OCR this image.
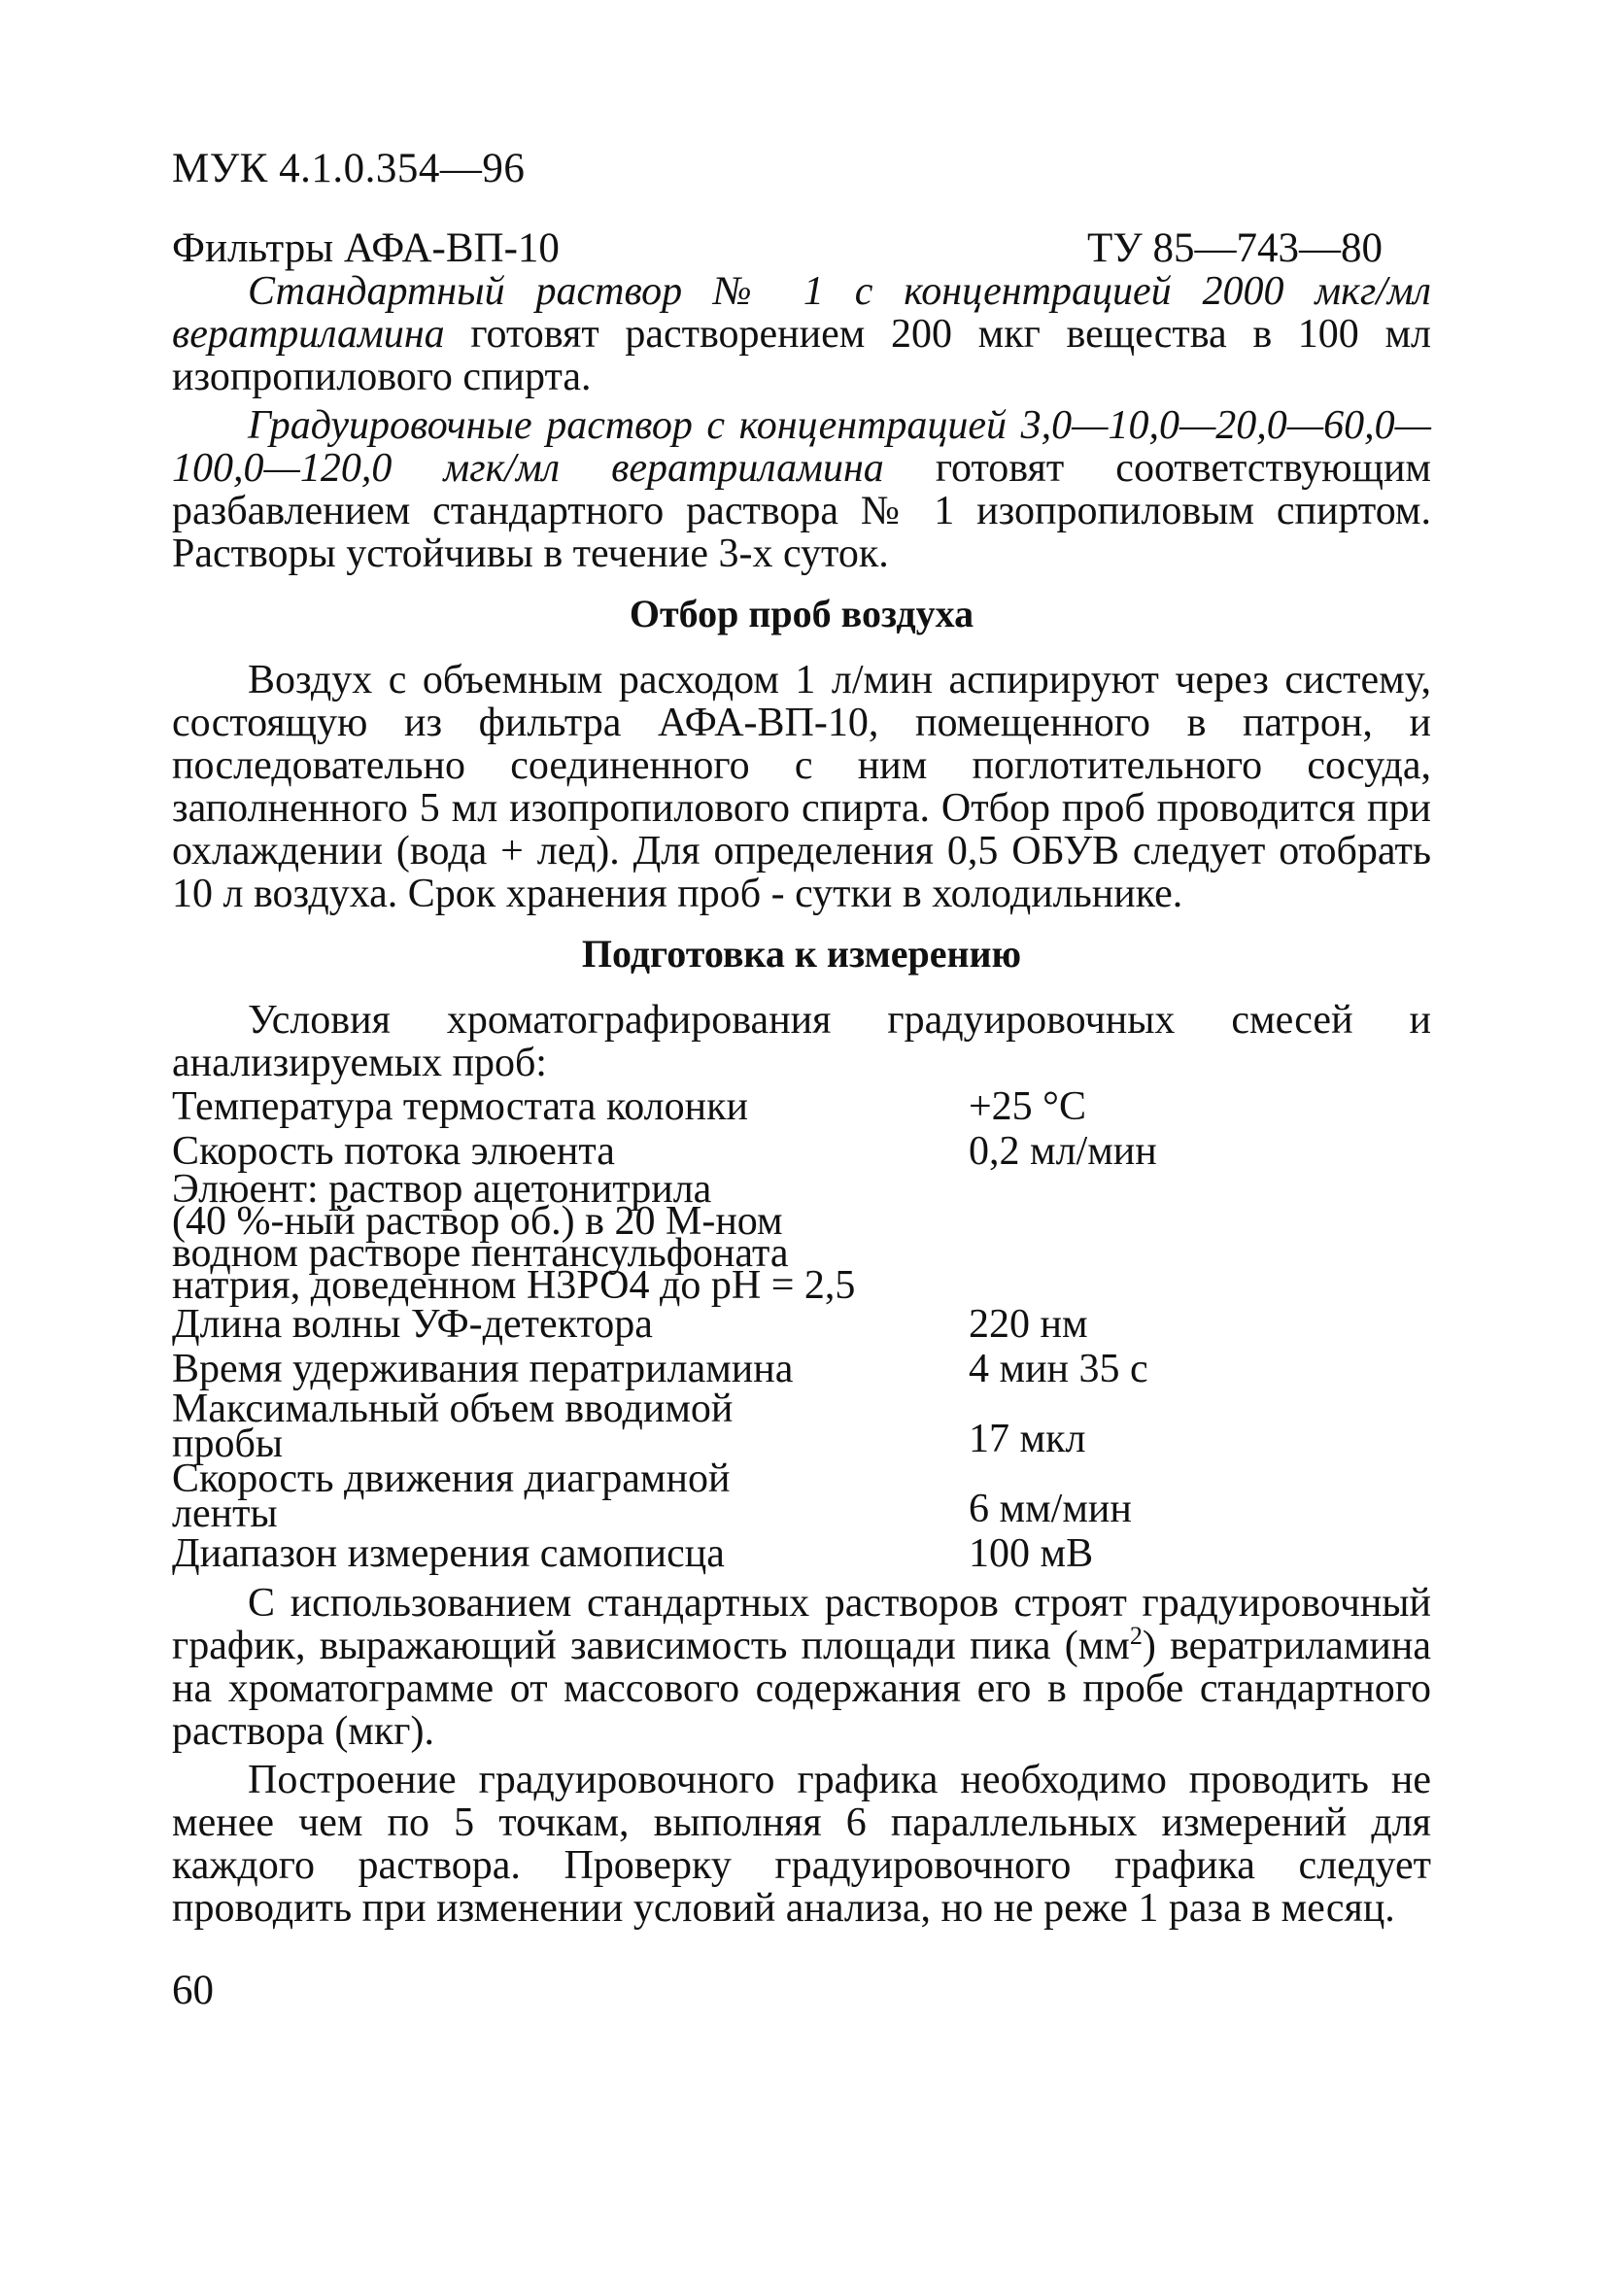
МУК 4.1.0.354—96
Фильтры АФА-ВП-10	ТУ 85—743—80

Стандартный раствор № 1 с концентрацией 2000 мкг/мл вератриламина готовят растворением 200 мкг вещества в 100 мл изопропилового спирта.

Градуировочные раствор с концентрацией 3,0—10,0—20,0—60,0—100,0—120,0 мгк/мл вератриламина готовят соответствующим разбавлением стандартного раствора № 1 изопропиловым спиртом. Растворы устойчивы в течение 3-х суток.

Отбор проб воздуха

Воздух с объемным расходом 1 л/мин аспирируют через систему, состоящую из фильтра АФА-ВП-10, помещенного в патрон, и последовательно соединенного с ним поглотительного сосуда, заполненного 5 мл изопропилового спирта. Отбор проб проводится при охлаждении (вода + лед). Для определения 0,5 ОБУВ следует отобрать 10 л воздуха. Срок хранения проб - сутки в холодильнике.

Подготовка к измерению

Условия хроматографирования градуировочных смесей и анализируемых проб:

Температура термостата колонки	+25 °С
Скорость потока элюента	0,2 мл/мин

Элюент: раствор ацетонитрила
(40 %-ный раствор об.) в 20 М-ном
водном растворе пентансульфоната
натрия, доведенном Н3РО4 до рН = 2,5	

Длина волны УФ-детектора	220 нм
Время удерживания ператриламина	4 мин 35 с

Максимальный объем вводимой
пробы	17 мкл

Скорость движения диаграмной
ленты	6 мм/мин
Диапазон измерения самописца	100 мВ

С использованием стандартных растворов строят градуировочный график, выражающий зависимость площади пика $(мм^2)$ вератриламина на хроматограмме от массового содержания его в пробе стандартного раствора (мкг).

Построение градуировочного графика необходимо проводить не менее чем по 5 точкам, выполняя 6 параллельных измерений для каждого раствора. Проверку градуировочного графика следует проводить при изменении условий анализа, но не реже 1 раза в месяц.

60
